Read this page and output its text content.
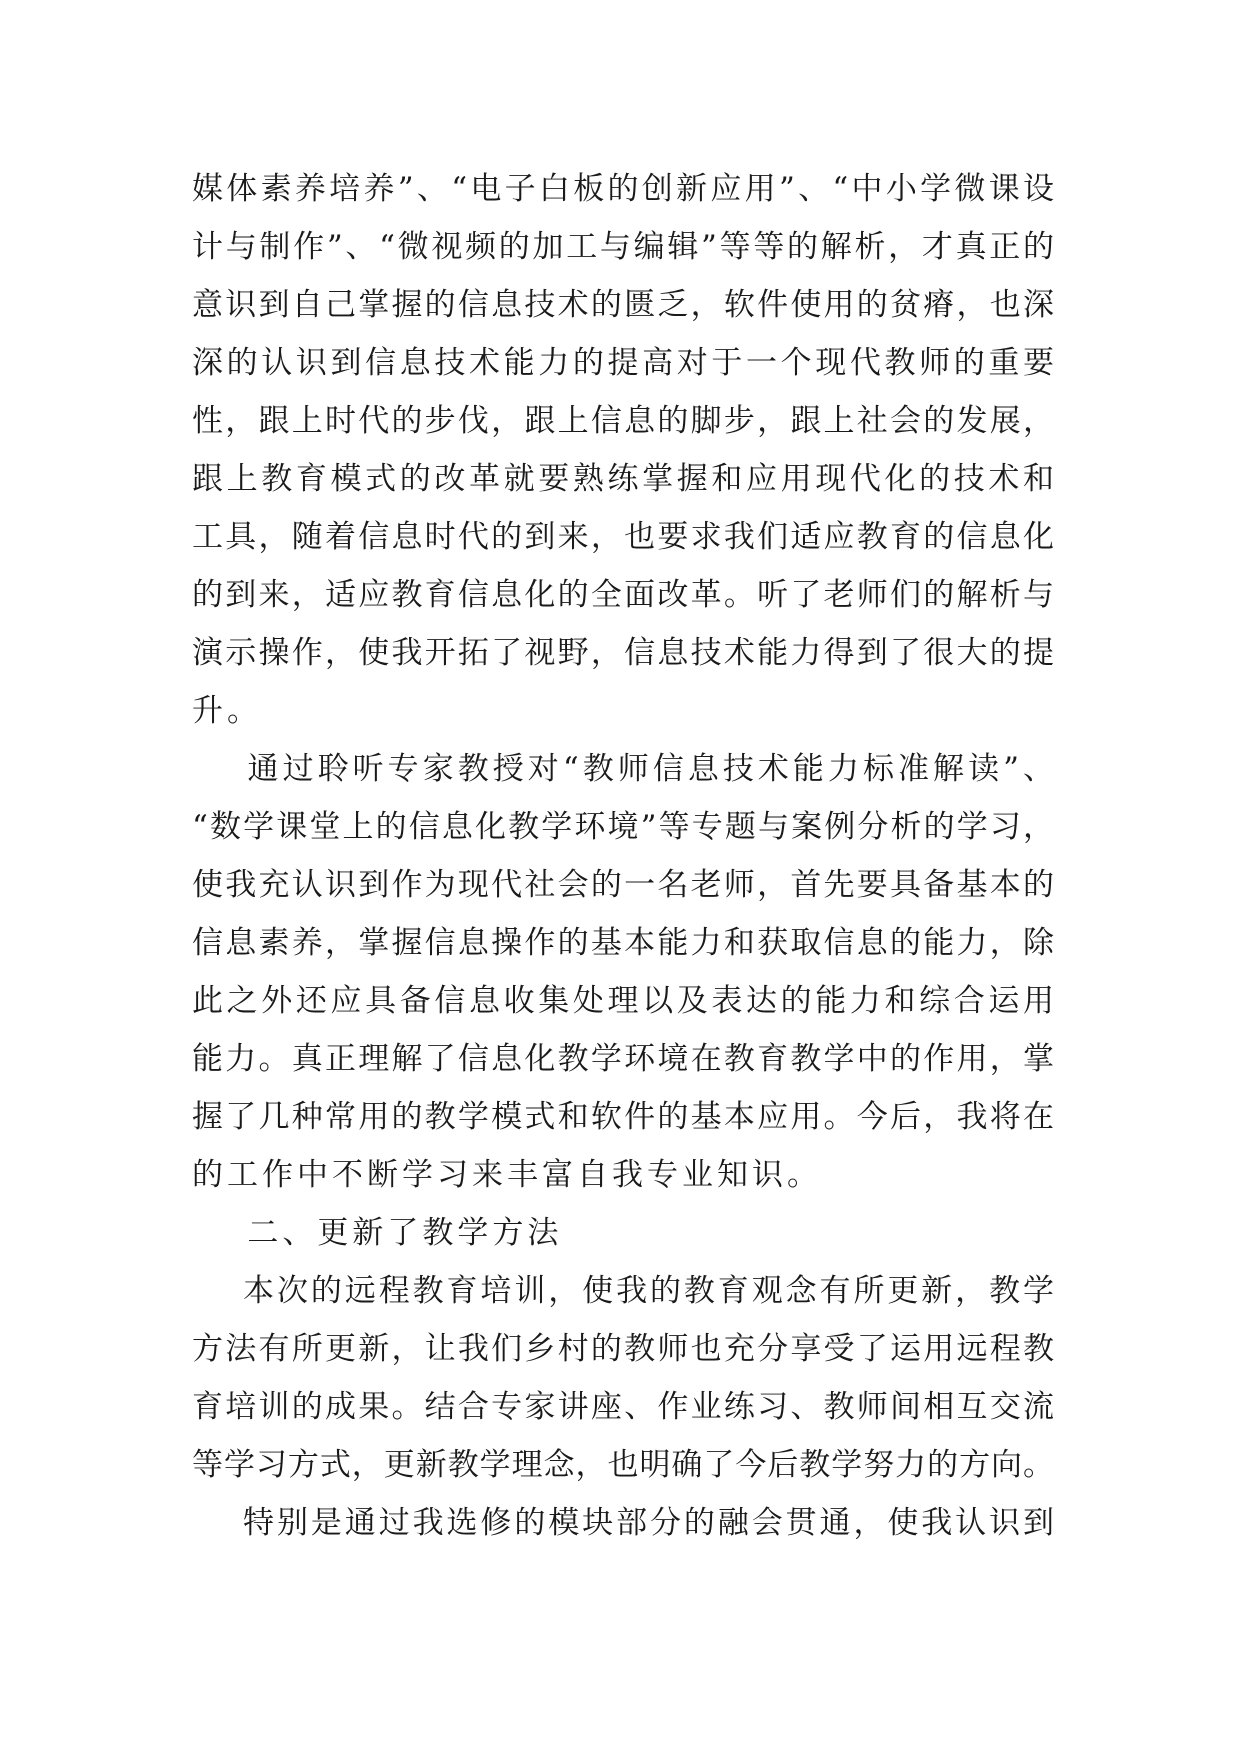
媒体素养培养”、“电子白板的创新应用”、“中小学微课设
计与制作”、“微视频的加工与编辑”等等的解析，才真正的
意识到自己掌握的信息技术的匮乏，软件使用的贫瘠，也深
深的认识到信息技术能力的提高对于一个现代教师的重要
性，跟上时代的步伐，跟上信息的脚步，跟上社会的发展，
跟上教育模式的改革就要熟练掌握和应用现代化的技术和
工具，随着信息时代的到来，也要求我们适应教育的信息化
的到来，适应教育信息化的全面改革。听了老师们的解析与
演示操作，使我开拓了视野，信息技术能力得到了很大的提
升。
通过聆听专家教授对“教师信息技术能力标准解读”、
“数学课堂上的信息化教学环境”等专题与案例分析的学习，
使我充认识到作为现代社会的一名老师，首先要具备基本的
信息素养，掌握信息操作的基本能力和获取信息的能力，除
此之外还应具备信息收集处理以及表达的能力和综合运用
能力。真正理解了信息化教学环境在教育教学中的作用，掌
握了几种常用的教学模式和软件的基本应用。今后，我将在
的工作中不断学习来丰富自我专业知识。
二、更新了教学方法
本次的远程教育培训，使我的教育观念有所更新，教学
方法有所更新，让我们乡村的教师也充分享受了运用远程教
育培训的成果。结合专家讲座、作业练习、教师间相互交流
等学习方式，更新教学理念，也明确了今后教学努力的方向。
特别是通过我选修的模块部分的融会贯通，使我认识到
